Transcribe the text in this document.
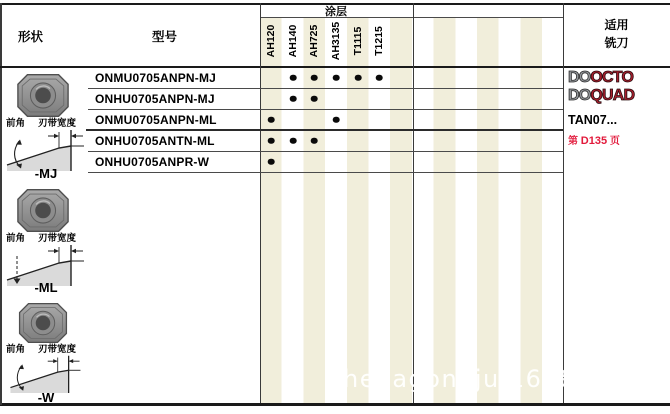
形状	型号
涂层
适用
铣刀
前角 刃带宽度
-MJ
前角 刃带宽度
-ML
前角 刃带宽度
-W
DOOCTO
DOQUAD
TAN07...
第 D135 页
hejiagongju.1688
AH120 AH140 AH725 AH3135 T1115 T1215
ONMU0705ANPN-MJ
ONHU0705ANPN-MJ
ONMU0705ANPN-ML
ONHU0705ANTN-ML
ONHU0705ANPR-W
